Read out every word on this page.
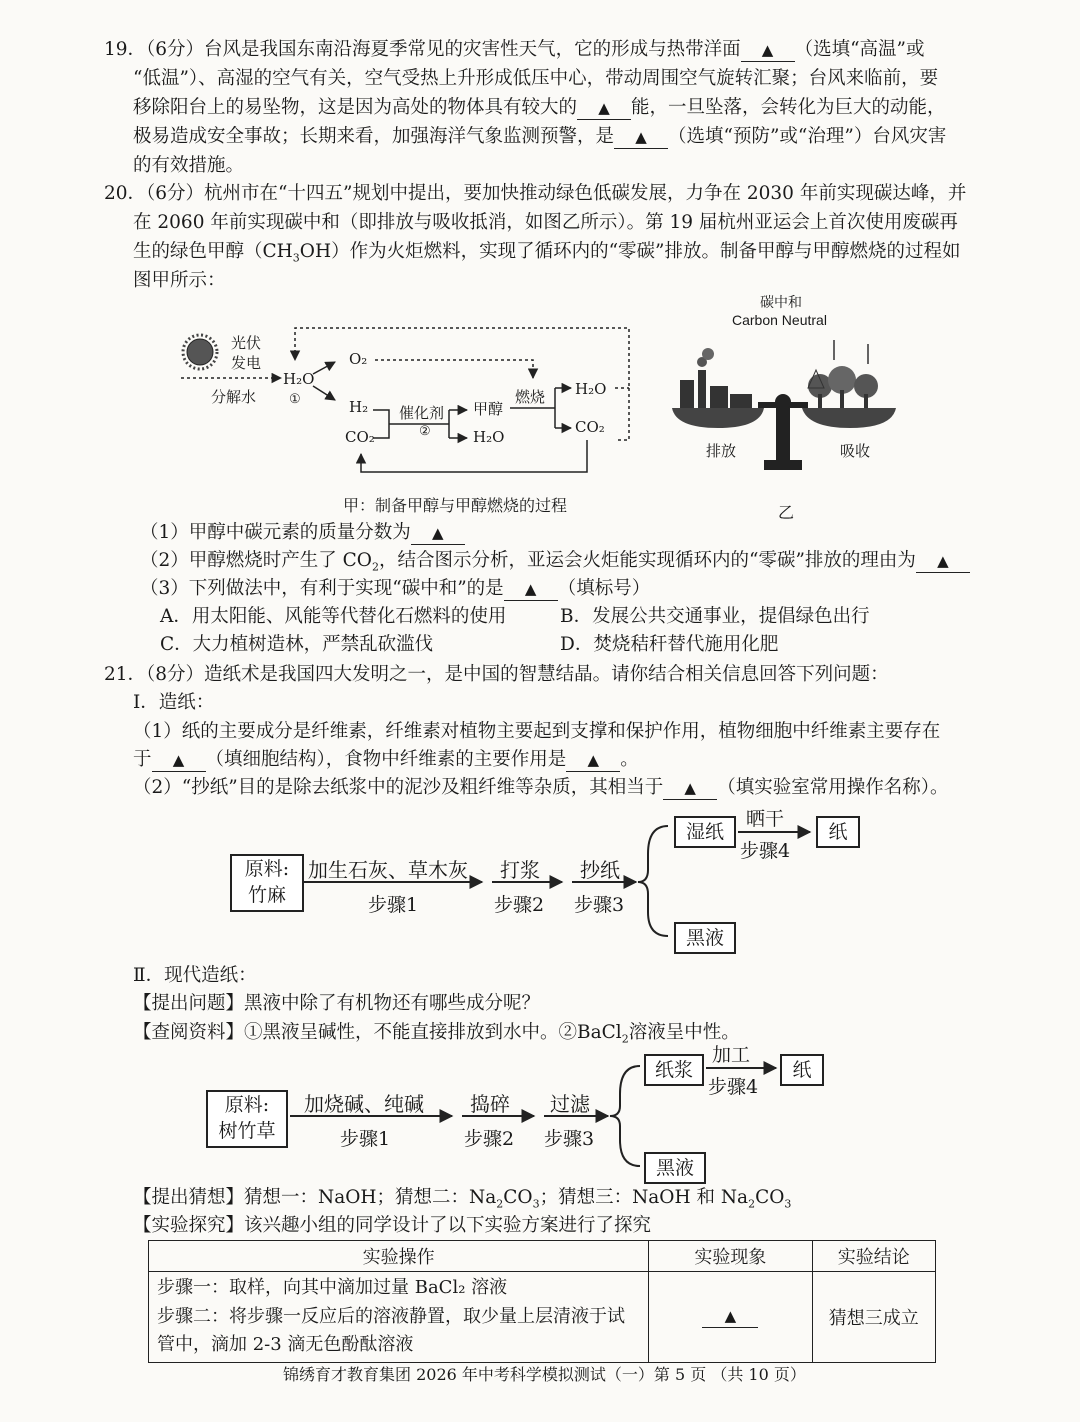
19．（6分）台风是我国东南沿海夏季常见的灾害性天气，它的形成与热带洋面 ▲ （选填“高温”或
“低温”）、高湿的空气有关，空气受热上升形成低压中心，带动周围空气旋转汇聚；台风来临前，要
移除阳台上的易坠物，这是因为高处的物体具有较大的 ▲ 能，一旦坠落，会转化为巨大的动能，
极易造成安全事故；长期来看，加强海洋气象监测预警，是 ▲ （选填“预防”或“治理”）台风灾害
的有效措施。
20．（6分）杭州市在“十四五”规划中提出，要加快推动绿色低碳发展，力争在 2030 年前实现碳达峰，并
在 2060 年前实现碳中和（即排放与吸收抵消，如图乙所示）。第 19 届杭州亚运会上首次使用废碳再
生的绿色甲醇$(CH_3OH)$作为火炬燃料，实现了循环内的“零碳”排放。制备甲醇与甲醇燃烧的过程如
图甲所示：
光伏
发电
分解水
H₂O
①
O₂
H₂
CO₂
催化剂
②	H₂O
甲醇
燃烧 H₂O
CO₂
甲：制备甲醇与甲醇燃烧的过程
碳中和
Carbon Neutral
排放	吸收
乙
（1）甲醇中碳元素的质量分数为 ▲
（2）甲醇燃烧时产生了 $CO_2$，结合图示分析，亚运会火炬能实现循环内的“零碳”排放的理由为 ▲
（3）下列做法中，有利于实现“碳中和”的是 ▲ （填标号）
A．用太阳能、风能等代替化石燃料的使用	B．发展公共交通事业，提倡绿色出行
C．大力植树造林，严禁乱砍滥伐	D．焚烧秸秆替代施用化肥
21．（8分）造纸术是我国四大发明之一，是中国的智慧结晶。请你结合相关信息回答下列问题：
Ⅰ．造纸：
（1）纸的主要成分是纤维素，纤维素对植物主要起到支撑和保护作用，植物细胞中纤维素主要存在
于 ▲ （填细胞结构），食物中纤维素的主要作用是 ▲ 。
（2）“抄纸”目的是除去纸浆中的泥沙及粗纤维等杂质，其相当于 ▲ （填实验室常用操作名称）。
原料:
竹麻
加生石灰、草木灰
步骤1
打浆
步骤2
抄纸
步骤3
湿纸
晒干
步骤4
纸
黑液
Ⅱ．现代造纸：
【提出问题】黑液中除了有机物还有哪些成分呢？
【查阅资料】①黑液呈碱性，不能直接排放到水中。②BaCl$_2$溶液呈中性。
原料:
树竹草
加烧碱、纯碱
步骤1
捣碎
步骤2
过滤
步骤3
纸浆
加工
步骤4
纸
黑液
【提出猜想】猜想一：NaOH；猜想二：$Na_2CO_3$；猜想三：NaOH 和 $Na_2CO_3$
【实验探究】该兴趣小组的同学设计了以下实验方案进行了探究
实验操作	实验现象	实验结论

步骤一：取样，向其中滴加过量 BaCl₂ 溶液
步骤二：将步骤一反应后的溶液静置，取少量上层清液于试
管中，滴加 2-3 滴无色酚酞溶液	▲	猜想三成立
锦绣育才教育集团 2026 年中考科学模拟测试（一）第 5 页 （共 10 页）
